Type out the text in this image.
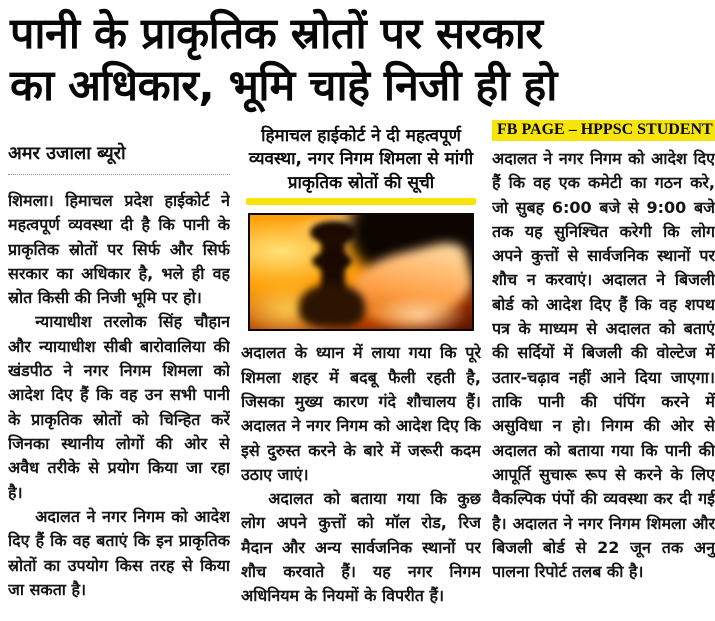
पानी के प्राकृतिक स्रोतों पर सरकार
का अधिकार, भूमि चाहे निजी ही हो
अमर उजाला ब्यूरो

शिमला। हिमाचल प्रदेश हाईकोर्ट ने महत्वपूर्ण व्यवस्था दी है कि पानी के प्राकृतिक स्रोतों पर सिर्फ और सिर्फ सरकार का अधिकार है, भले ही वह स्रोत किसी की निजी भूमि पर हो।

न्यायाधीश तरलोक सिंह चौहान और न्यायाधीश सीबी बारोवालिया की खंडपीठ ने नगर निगम शिमला को आदेश दिए हैं कि वह उन सभी पानी के प्राकृतिक स्रोतों को चिन्हित करें जिनका स्थानीय लोगों की ओर से अवैध तरीके से प्रयोग किया जा रहा है।

अदालत ने नगर निगम को आदेश दिए हैं कि वह बताएं कि इन प्राकृतिक स्रोतों का उपयोग किस तरह से किया जा सकता है।

हिमाचल हाईकोर्ट ने दी महत्वपूर्ण व्यवस्था, नगर निगम शिमला से मांगी प्राकृतिक स्रोतों की सूची

अदालत के ध्यान में लाया गया कि पूरे शिमला शहर में बदबू फैली रहती है, जिसका मुख्य कारण गंदे शौचालय हैं। अदालत ने नगर निगम को आदेश दिए कि इसे दुरुस्त करने के बारे में जरूरी कदम उठाए जाएं।

अदालत को बताया गया कि कुछ लोग अपने कुत्तों को मॉल रोड, रिज मैदान और अन्य सार्वजनिक स्थानों पर शौच करवाते हैं। यह नगर निगम अधिनियम के नियमों के विपरीत हैं।

FB PAGE – HPPSC STUDENT

अदालत ने नगर निगम को आदेश दिए हैं कि वह एक कमेटी का गठन करे, जो सुबह 6:00 बजे से 9:00 बजे तक यह सुनिश्चित करेगी कि लोग अपने कुत्तों से सार्वजनिक स्थानों पर शौच न करवाएं। अदालत ने बिजली बोर्ड को आदेश दिए हैं कि वह शपथ पत्र के माध्यम से अदालत को बताएं की सर्दियों में बिजली की वोल्टेज में उतार-चढ़ाव नहीं आने दिया जाएगा। ताकि पानी की पंपिंग करने में असुविधा न हो। निगम की ओर से अदालत को बताया गया कि पानी की आपूर्ति सुचारू रूप से करने के लिए वैकल्पिक पंपों की व्यवस्था कर दी गई है। अदालत ने नगर निगम शिमला और बिजली बोर्ड से 22 जून तक अनु पालना रिपोर्ट तलब की है।
